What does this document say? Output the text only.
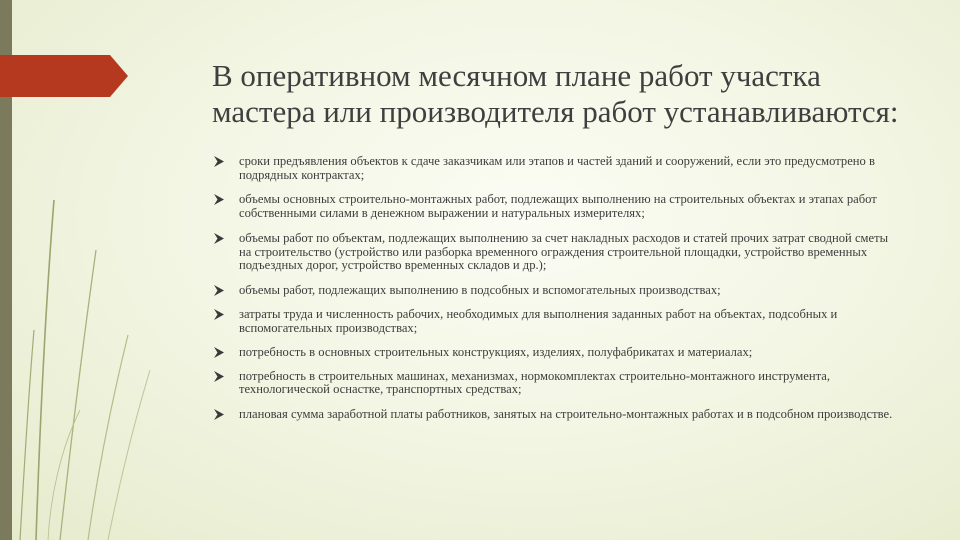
В оперативном месячном плане работ участка мастера или производителя работ устанавливаются:
сроки предъявления объектов к сдаче заказчикам или этапов и частей зданий и сооружений, если это предусмотрено в подрядных контрактах;
объемы основных строительно-монтажных работ, подлежащих выполнению на строительных объектах и этапах работ собственными силами в денежном выражении и натуральных измерителях;
объемы работ по объектам, подлежащих выполнению за счет накладных расходов и статей прочих затрат сводной сметы на строительство (устройство или разборка временного ограждения строительной площадки, устройство временных подъездных дорог, устройство временных складов и др.);
объемы работ, подлежащих выполнению в подсобных и вспомогательных производствах;
затраты труда и численность рабочих, необходимых для выполнения заданных работ на объектах, подсобных и вспомогательных производствах;
потребность в основных строительных конструкциях, изделиях, полуфабрикатах и материалах;
потребность в строительных машинах, механизмах, нормокомплектах строительно-монтажного инструмента, технологической оснастке, транспортных средствах;
плановая сумма заработной платы работников, занятых на строительно-монтажных работах и в подсобном производстве.
